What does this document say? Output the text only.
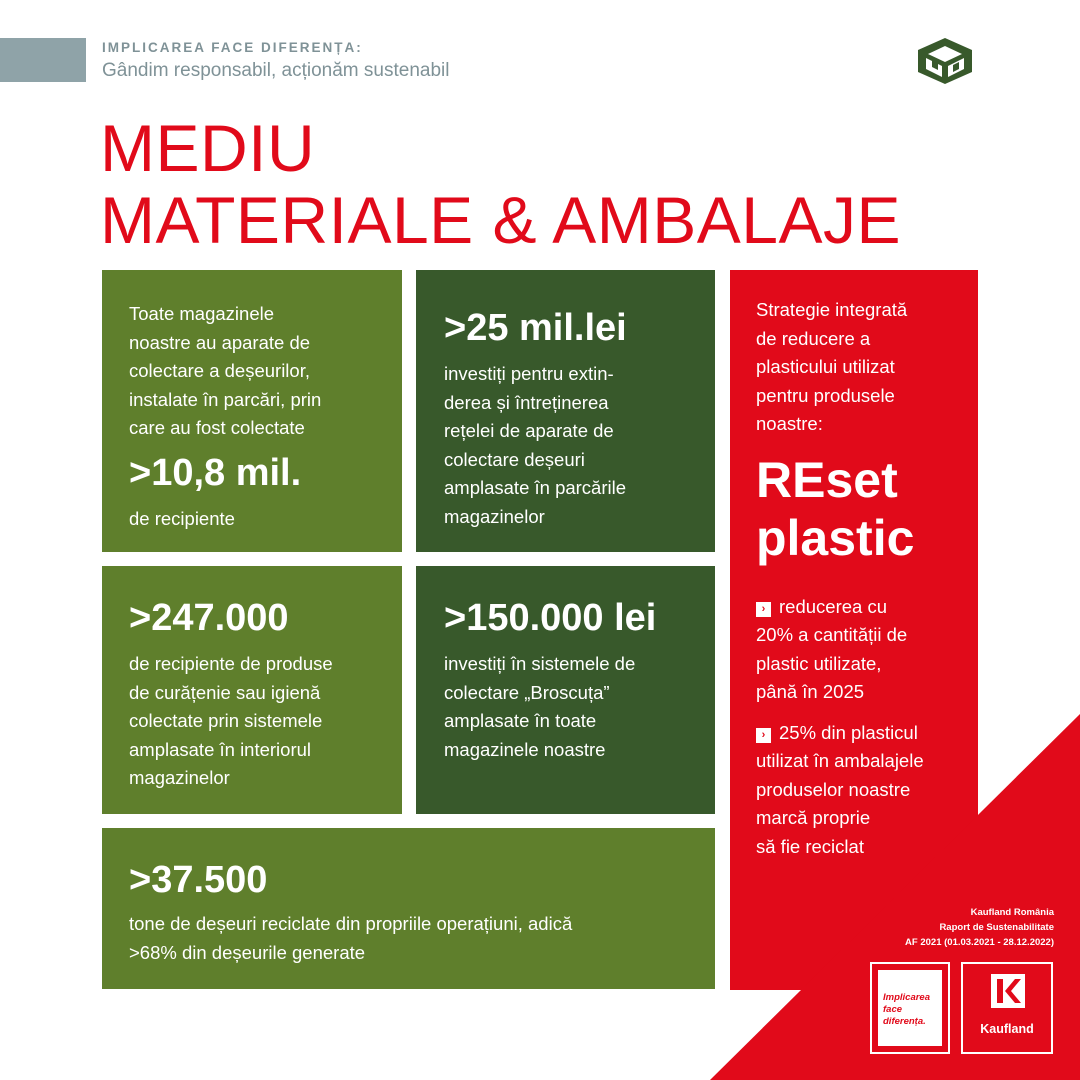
IMPLICAREA FACE DIFERENȚA:
Gândim responsabil, acționăm sustenabil
MEDIU
MATERIALE & AMBALAJE
Toate magazinele
noastre au aparate de
colectare a deșeurilor,
instalate în parcări, prin
care au fost colectate
>10,8 mil.
de recipiente
>25 mil.lei
investiți pentru extin-
derea și întreținerea
rețelei de aparate de
colectare deșeuri
amplasate în parcările
magazinelor
>247.000
de recipiente de produse
de curățenie sau igienă
colectate prin sistemele
amplasate în interiorul
magazinelor
>150.000 lei
investiți în sistemele de
colectare „Broscuța”
amplasate în toate
magazinele noastre
>37.500
tone de deșeuri reciclate din propriile operațiuni, adică
>68% din deșeurile generate
Strategie integrată
de reducere a
plasticului utilizat
pentru produsele
noastre:
REset
plastic
› reducerea cu
20% a cantității de
plastic utilizate,
până în 2025
› 25% din plasticul
utilizat în ambalajele
produselor noastre
marcă proprie
să fie reciclat
Kaufland România
Raport de Sustenabilitate
AF 2021 (01.03.2021 - 28.12.2022)
Implicarea
face
diferența.
Kaufland
